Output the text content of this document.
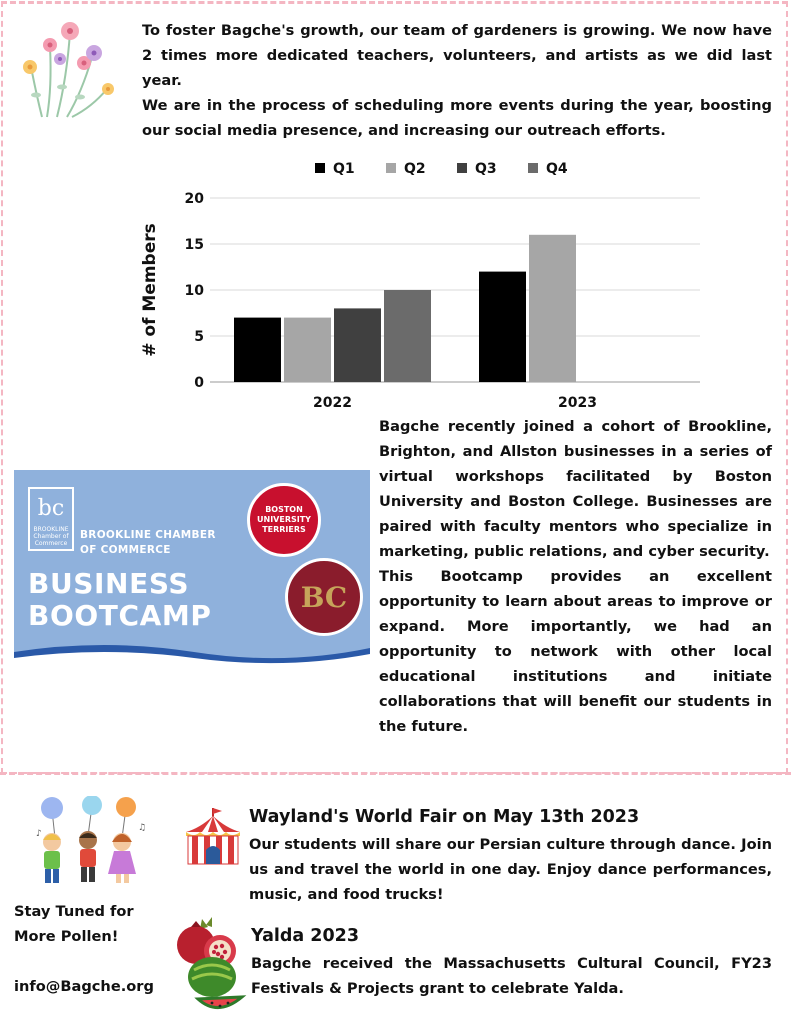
To foster Bagche's growth, our team of gardeners is growing. We now have 2 times more dedicated teachers, volunteers, and artists as we did last year.

We are in the process of scheduling more events during the year, boosting our social media presence, and increasing our outreach efforts.

0
5
10
15
20
# of Members
2022	2023
Q1	Q2	Q3	Q4

Bagche recently joined a cohort of Brookline, Brighton, and Allston businesses in a series of virtual workshops facilitated by Boston University and Boston College. Businesses are paired with faculty mentors who specialize in marketing, public relations, and cyber security.

This Bootcamp provides an excellent opportunity to learn about areas to improve or expand. More importantly, we had an opportunity to network with other local educational institutions and initiate collaborations that will benefit our students in the future.

bc
BROOKLINE Chamber of Commerce
BROOKLINE CHAMBER
OF COMMERCE
BUSINESS
BOOTCAMP
BOSTON UNIVERSITY TERRIERS
BC
♪
♫
Wayland's World Fair on May 13th 2023
Our students will share our Persian culture through dance. Join us and travel the world in one day. Enjoy dance performances, music, and food trucks!
Yalda 2023
Bagche received the Massachusetts Cultural Council, FY23 Festivals & Projects grant to celebrate Yalda.
Stay Tuned for
More Pollen!
info@Bagche.org
